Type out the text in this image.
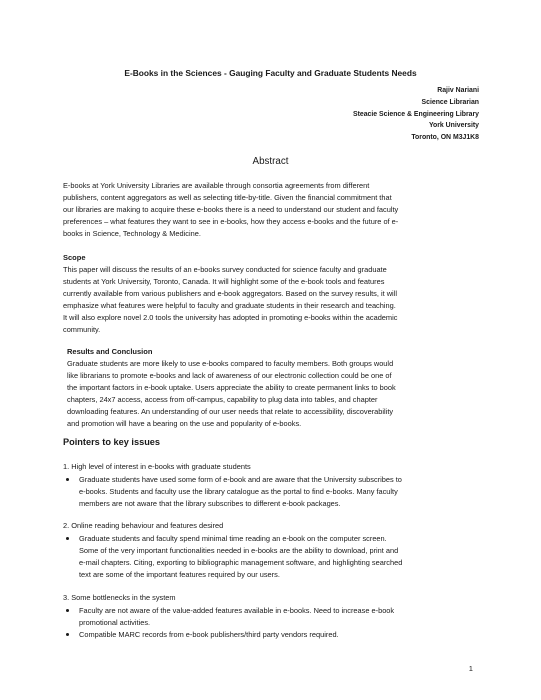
E-Books in the Sciences - Gauging Faculty and Graduate Students Needs
Rajiv Nariani
Science Librarian
Steacie Science & Engineering Library
York University
Toronto, ON M3J1K8
Abstract
E-books at York University Libraries are available through consortia agreements from different
publishers, content aggregators as well as selecting title-by-title. Given the financial commitment that
our libraries are making to acquire these e-books there is a need to understand our student and faculty
preferences – what features they want to see in e-books, how they access e-books and the future of e-
books in Science, Technology & Medicine.
Scope
This paper will discuss the results of an e-books survey conducted for science faculty and graduate
students at York University, Toronto, Canada. It will highlight some of the e-book tools and features
currently available from various publishers and e-book aggregators. Based on the survey results, it will
emphasize what features were helpful to faculty and graduate students in their research and teaching.
It will also explore novel 2.0 tools the university has adopted in promoting e-books within the academic
community.
Results and Conclusion
Graduate students are more likely to use e-books compared to faculty members. Both groups would
like librarians to promote e-books and lack of awareness of our electronic collection could be one of
the important factors in e-book uptake. Users appreciate the ability to create permanent links to book
chapters, 24x7 access, access from off-campus, capability to plug data into tables, and chapter
downloading features. An understanding of our user needs that relate to accessibility, discoverability
and promotion will have a bearing on the use and popularity of e-books.
Pointers to key issues
1. High level of interest in e-books with graduate students
Graduate students have used some form of e-book and are aware that the University subscribes to
e-books. Students and faculty use the library catalogue as the portal to find e-books. Many faculty
members are not aware that the library subscribes to different e-book packages.
2. Online reading behaviour and features desired
Graduate students and faculty spend minimal time reading an e-book on the computer screen.
Some of the very important functionalities needed in e-books are the ability to download, print and
e-mail chapters. Citing, exporting to bibliographic management software, and highlighting searched
text are some of the important features required by our users.
3. Some bottlenecks in the system
Faculty are not aware of the value-added features available in e-books. Need to increase e-book
promotional activities.
Compatible MARC records from e-book publishers/third party vendors required.
1
